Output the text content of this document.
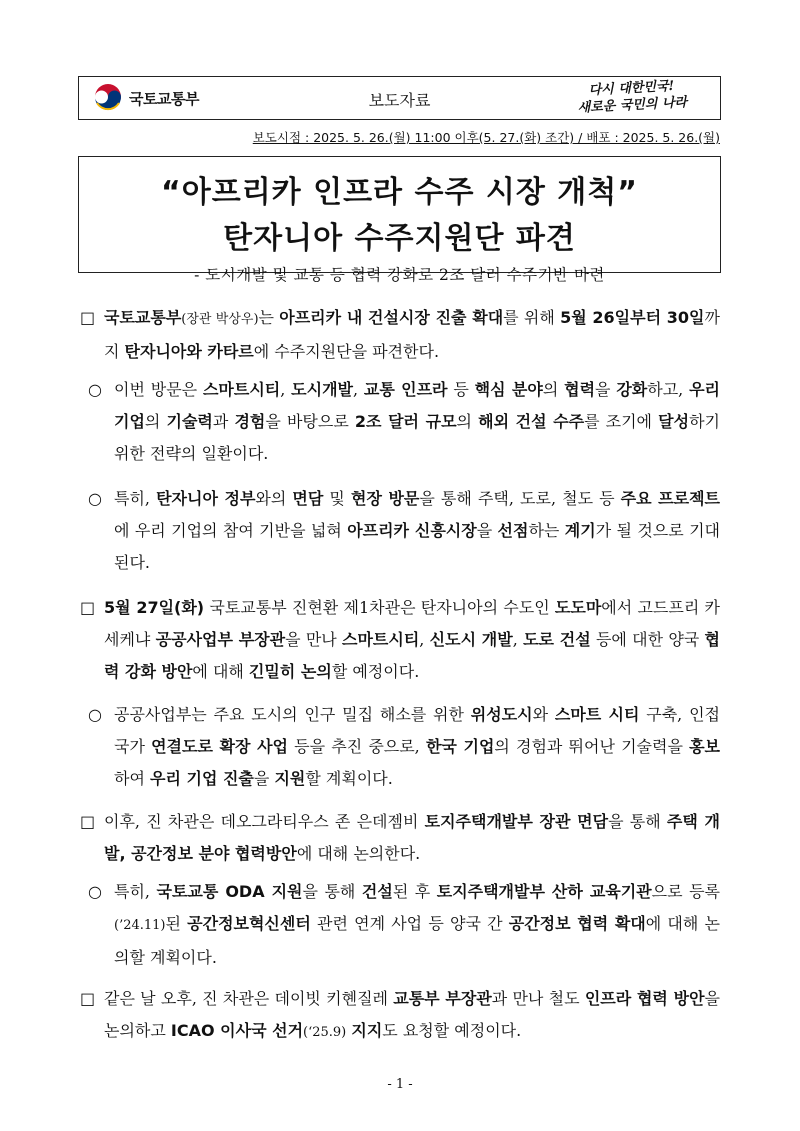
국토교통부	보도자료
다시 대한민국!
새로운 국민의 나라
보도시점 : 2025. 5. 26.(월) 11:00 이후(5. 27.(화) 조간) / 배포 : 2025. 5. 26.(월)
“아프리카 인프라 수주 시장 개척”
탄자니아 수주지원단 파견
- 도시개발 및 교통 등 협력 강화로 2조 달러 수주기반 마련
□ 국토교통부(장관 박상우)는 아프리카 내 건설시장 진출 확대를 위해 5월 26일부터 30일까지 탄자니아와 카타르에 수주지원단을 파견한다.
○ 이번 방문은 스마트시티, 도시개발, 교통 인프라 등 핵심 분야의 협력을 강화하고, 우리 기업의 기술력과 경험을 바탕으로 2조 달러 규모의 해외 건설 수주를 조기에 달성하기 위한 전략의 일환이다.
○ 특히, 탄자니아 정부와의 면담 및 현장 방문을 통해 주택, 도로, 철도 등 주요 프로젝트에 우리 기업의 참여 기반을 넓혀 아프리카 신흥시장을 선점하는 계기가 될 것으로 기대된다.
□ 5월 27일(화) 국토교통부 진현환 제1차관은 탄자니아의 수도인 도도마에서 고드프리 카세케냐 공공사업부 부장관을 만나 스마트시티, 신도시 개발, 도로 건설 등에 대한 양국 협력 강화 방안에 대해 긴밀히 논의할 예정이다.
○ 공공사업부는 주요 도시의 인구 밀집 해소를 위한 위성도시와 스마트 시티 구축, 인접 국가 연결도로 확장 사업 등을 추진 중으로, 한국 기업의 경험과 뛰어난 기술력을 홍보하여 우리 기업 진출을 지원할 계획이다.
□ 이후, 진 차관은 데오그라티우스 존 은데젬비 토지주택개발부 장관 면담을 통해 주택 개발, 공간정보 분야 협력방안에 대해 논의한다.
○ 특히, 국토교통 ODA 지원을 통해 건설된 후 토지주택개발부 산하 교육기관으로 등록(’24.11)된 공간정보혁신센터 관련 연계 사업 등 양국 간 공간정보 협력 확대에 대해 논의할 계획이다.
□ 같은 날 오후, 진 차관은 데이빗 키혠질레 교통부 부장관과 만나 철도 인프라 협력 방안을 논의하고 ICAO 이사국 선거(‘25.9) 지지도 요청할 예정이다.
- 1 -
